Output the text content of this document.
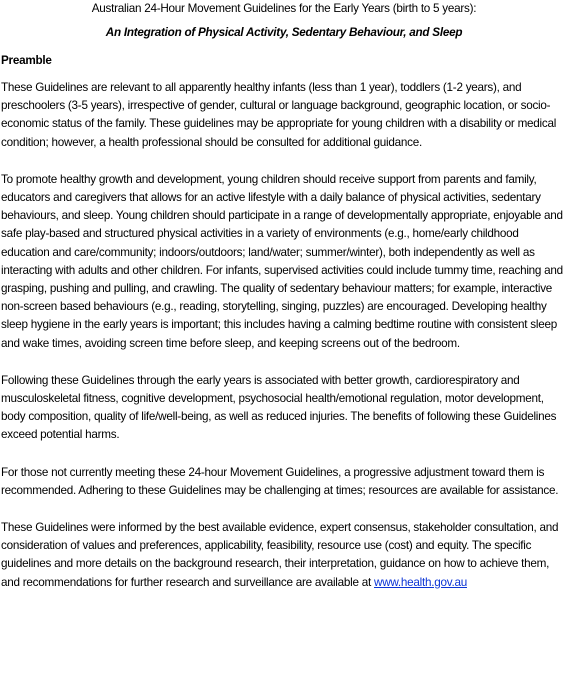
Australian 24-Hour Movement Guidelines for the Early Years (birth to 5 years):
An Integration of Physical Activity, Sedentary Behaviour, and Sleep
Preamble

These Guidelines are relevant to all apparently healthy infants (less than 1 year), toddlers (1-2 years), and preschoolers (3-5 years), irrespective of gender, cultural or language background, geographic location, or socio-economic status of the family. These guidelines may be appropriate for young children with a disability or medical condition; however, a health professional should be consulted for additional guidance.

To promote healthy growth and development, young children should receive support from parents and family, educators and caregivers that allows for an active lifestyle with a daily balance of physical activities, sedentary behaviours, and sleep. Young children should participate in a range of developmentally appropriate, enjoyable and safe play-based and structured physical activities in a variety of environments (e.g., home/early childhood education and care/community; indoors/outdoors; land/water; summer/winter), both independently as well as interacting with adults and other children. For infants, supervised activities could include tummy time, reaching and grasping, pushing and pulling, and crawling. The quality of sedentary behaviour matters; for example, interactive non-screen based behaviours (e.g., reading, storytelling, singing, puzzles) are encouraged. Developing healthy sleep hygiene in the early years is important; this includes having a calming bedtime routine with consistent sleep and wake times, avoiding screen time before sleep, and keeping screens out of the bedroom.

Following these Guidelines through the early years is associated with better growth, cardiorespiratory and musculoskeletal fitness, cognitive development, psychosocial health/emotional regulation, motor development, body composition, quality of life/well-being, as well as reduced injuries. The benefits of following these Guidelines exceed potential harms.

For those not currently meeting these 24-hour Movement Guidelines, a progressive adjustment toward them is recommended. Adhering to these Guidelines may be challenging at times; resources are available for assistance.

These Guidelines were informed by the best available evidence, expert consensus, stakeholder consultation, and consideration of values and preferences, applicability, feasibility, resource use (cost) and equity. The specific guidelines and more details on the background research, their interpretation, guidance on how to achieve them, and recommendations for further research and surveillance are available at www.health.gov.au
